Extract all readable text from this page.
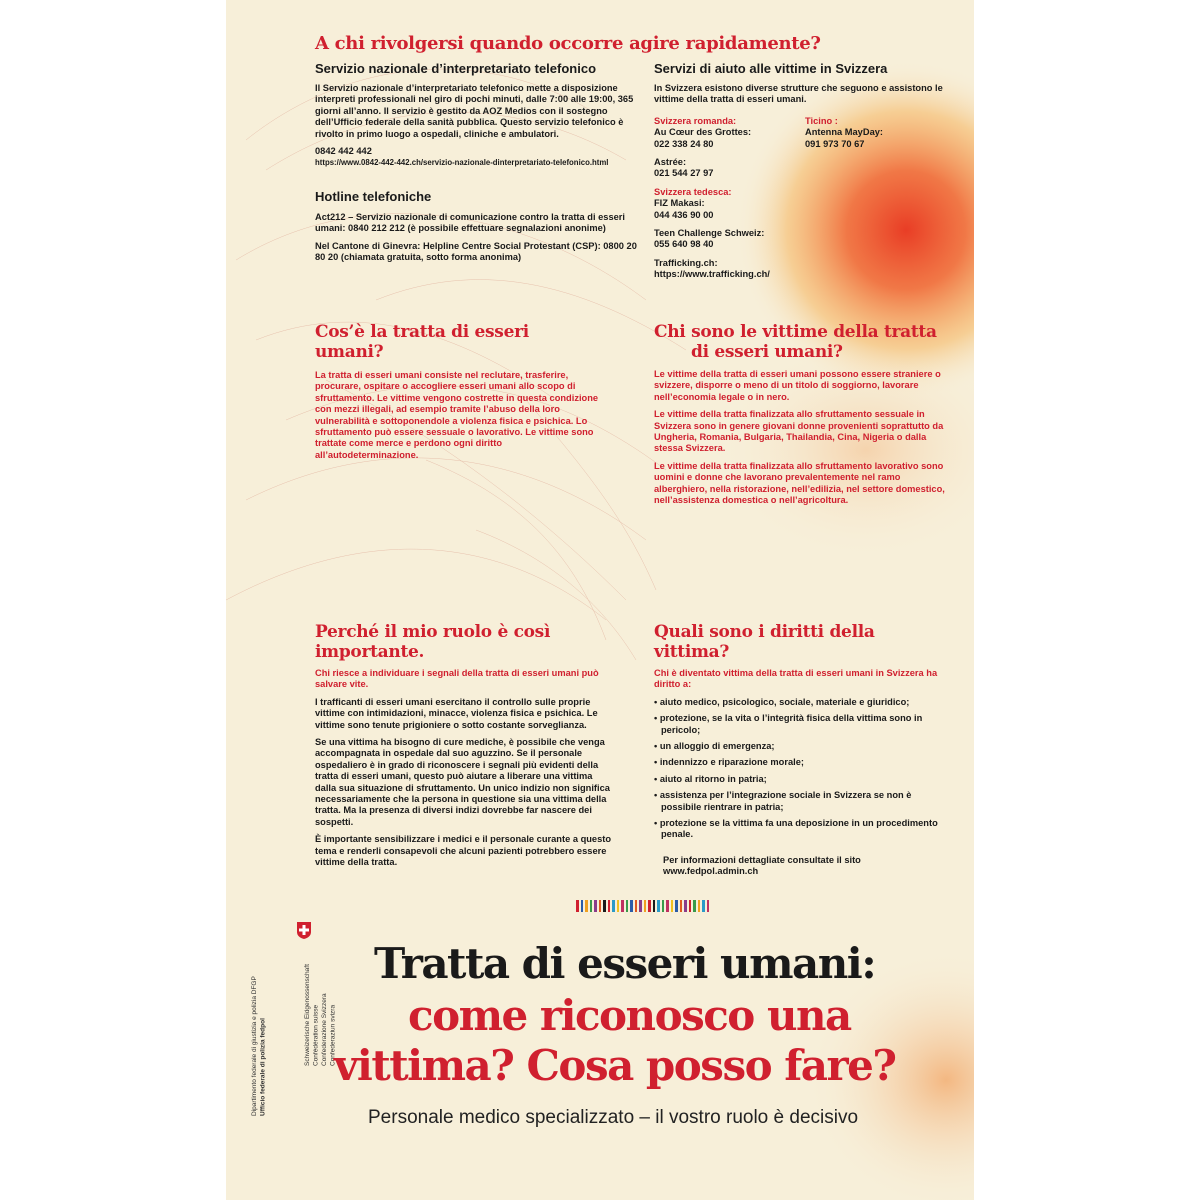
A chi rivolgersi quando occorre agire rapidamente?
Servizio nazionale d’interpretariato telefonico

Il Servizio nazionale d’interpretariato telefonico mette a disposizione interpreti professionali nel giro di pochi minuti, dalle 7:00 alle 19:00, 365 giorni all’anno. Il servizio è gestito da AOZ Medios con il sostegno dell’Ufficio federale della sanità pubblica. Questo servizio telefonico è rivolto in primo luogo a ospedali, cliniche e ambulatori.

0842 442 442
https://www.0842-442-442.ch/servizio-nazionale-dinterpretariato-telefonico.html
Hotline telefoniche

Act212 – Servizio nazionale di comunicazione contro la tratta di esseri umani: 0840 212 212 (è possibile effettuare segnalazioni anonime)

Nel Cantone di Ginevra: Helpline Centre Social Protestant (CSP): 0800 20 80 20 (chiamata gratuita, sotto forma anonima)

Servizi di aiuto alle vittime in Svizzera

In Svizzera esistono diverse strutture che seguono e assistono le vittime della tratta di esseri umani.

Svizzera romanda:
Au Cœur des Grottes:
022 338 24 80
Astrée:
021 544 27 97
Svizzera tedesca:
FIZ Makasi:
044 436 90 00
Teen Challenge Schweiz:
055 640 98 40
Trafficking.ch:
https://www.trafficking.ch/
Ticino :
Antenna MayDay:
091 973 70 67
Cos’è la tratta di esseri umani?

La tratta di esseri umani consiste nel reclutare, trasferire, procurare, ospitare o accogliere esseri umani allo scopo di sfruttamento. Le vittime vengono costrette in questa condizione con mezzi illegali, ad esempio tramite l’abuso della loro vulnerabilità e sottoponendole a violenza fisica e psichica. Lo sfruttamento può essere sessuale o lavorativo. Le vittime sono trattate come merce e perdono ogni diritto all’autodeterminazione.

Chi sono le vittime della tratta
di esseri umani?

Le vittime della tratta di esseri umani possono essere straniere o svizzere, disporre o meno di un titolo di soggiorno, lavorare nell’economia legale o in nero.

Le vittime della tratta finalizzata allo sfruttamento sessuale in Svizzera sono in genere giovani donne provenienti soprattutto da Ungheria, Romania, Bulgaria, Thailandia, Cina, Nigeria o dalla stessa Svizzera.

Le vittime della tratta finalizzata allo sfruttamento lavorativo sono uomini e donne che lavorano prevalentemente nel ramo alberghiero, nella ristorazione, nell’edilizia, nel settore domestico, nell’assistenza domestica o nell’agricoltura.

Perché il mio ruolo è così
importante.

Chi riesce a individuare i segnali della tratta di esseri umani può salvare vite.

I trafficanti di esseri umani esercitano il controllo sulle proprie vittime con intimidazioni, minacce, violenza fisica e psichica. Le vittime sono tenute prigioniere o sotto costante sorveglianza.

Se una vittima ha bisogno di cure mediche, è possibile che venga accompagnata in ospedale dal suo aguzzino. Se il personale ospedaliero è in grado di riconoscere i segnali più evidenti della tratta di esseri umani, questo può aiutare a liberare una vittima dalla sua situazione di sfruttamento. Un unico indizio non significa necessariamente che la persona in questione sia una vittima della tratta. Ma la presenza di diversi indizi dovrebbe far nascere dei sospetti.

È importante sensibilizzare i medici e il personale curante a questo tema e renderli consapevoli che alcuni pazienti potrebbero essere vittime della tratta.

Quali sono i diritti della
vittima?

Chi è diventato vittima della tratta di esseri umani in Svizzera ha diritto a:

• aiuto medico, psicologico, sociale, materiale e giuridico;
• protezione, se la vita o l’integrità fisica della vittima sono in pericolo;
• un alloggio di emergenza;
• indennizzo e riparazione morale;
• aiuto al ritorno in patria;
• assistenza per l’integrazione sociale in Svizzera se non è possibile rientrare in patria;
• protezione se la vittima fa una deposizione in un procedimento penale.
Per informazioni dettagliate consultate il sito
www.fedpol.admin.ch
Schweizerische Eidgenossenschaft Confédération suisse Confederazione Svizzera Confederaziun svizra
Dipartimento federale di giustizia e polizia DFGP Ufficio federale di polizia fedpol
Tratta di esseri umani:
come riconosco una
vittima? Cosa posso fare?

Personale medico specializzato – il vostro ruolo è decisivo
